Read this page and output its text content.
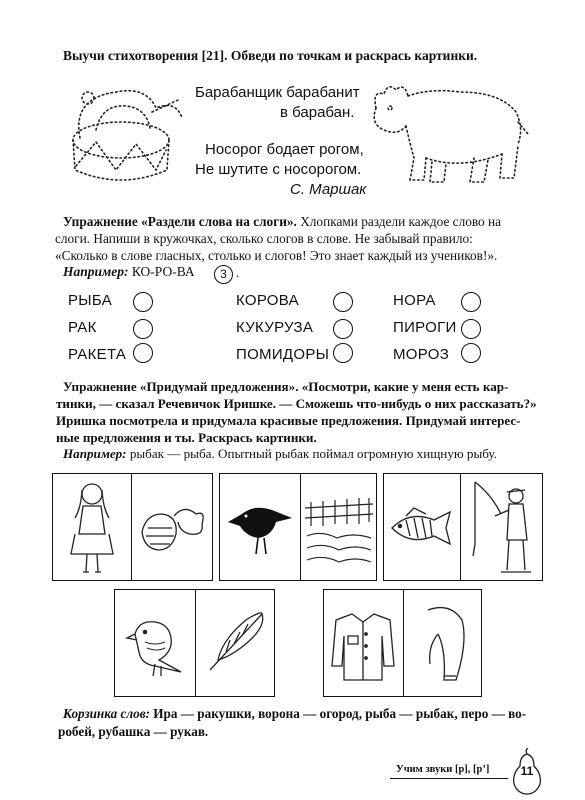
Выучи стихотворения [21]. Обведи по точкам и раскрась картинки.
Барабанщик барабанит
в барабан.
Носорог бодает рогом,
Не шутите с носорогом.
С. Маршак
Упражнение «Раздели слова на слоги». Хлопками раздели каждое слово на
слоги. Напиши в кружочках, сколько слогов в слове. Не забывай правило:
«Сколько в слове гласных, столько и слогов! Это знает каждый из учеников!».
Например: КО-РО-ВА	3 .
РЫБА
РАК
РАКЕТА
КОРОВА
КУКУРУЗА
ПОМИДОРЫ
НОРА
ПИРОГИ
МОРОЗ
Упражнение «Придумай предложения». «Посмотри, какие у меня есть кар-
тинки, — сказал Речевичок Иришке. — Сможешь что-нибудь о них рассказать?»
Иришка посмотрела и придумала красивые предложения. Придумай интерес-
ные предложения и ты. Раскрась картинки.
Например: рыбак — рыба. Опытный рыбак поймал огромную хищную рыбу.
Корзинка слов: Ира — ракушки, ворона — огород, рыба — рыбак, перо — во-
робей, рубашка — рукав.
Учим звуки [р], [р’]	11
